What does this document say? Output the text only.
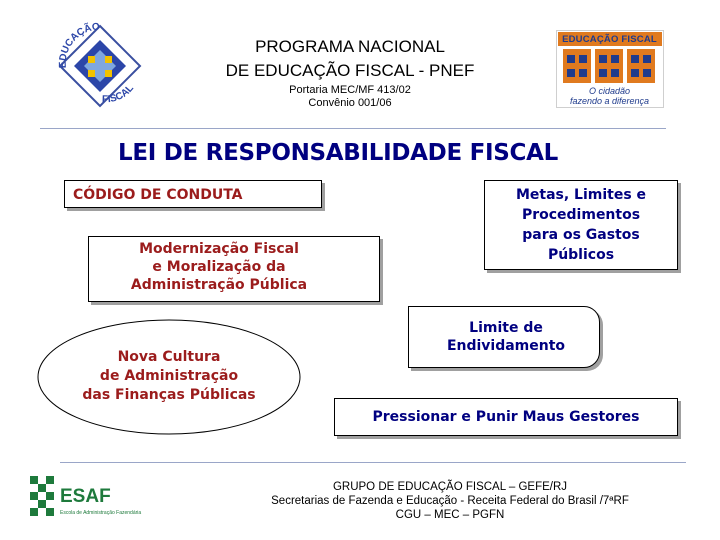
EDUCAÇÃO
FISCAL
PROGRAMA NACIONAL
DE EDUCAÇÃO FISCAL - PNEF
Portaria MEC/MF 413/02
Convênio 001/06
EDUCAÇÃO FISCAL
O cidadão
fazendo a diferença
LEI DE RESPONSABILIDADE FISCAL
CÓDIGO DE CONDUTA
Modernização Fiscal
e Moralização da
Administração Pública
Metas, Limites e
Procedimentos
para os Gastos
Públicos
Limite de
Endividamento
Nova Cultura
de Administração
das Finanças Públicas
Pressionar e Punir Maus Gestores
ESAF
Escola de Administração Fazendária
GRUPO DE EDUCAÇÃO FISCAL – GEFE/RJ
Secretarias de Fazenda e Educação - Receita Federal do Brasil /7ªRF
CGU – MEC – PGFN
